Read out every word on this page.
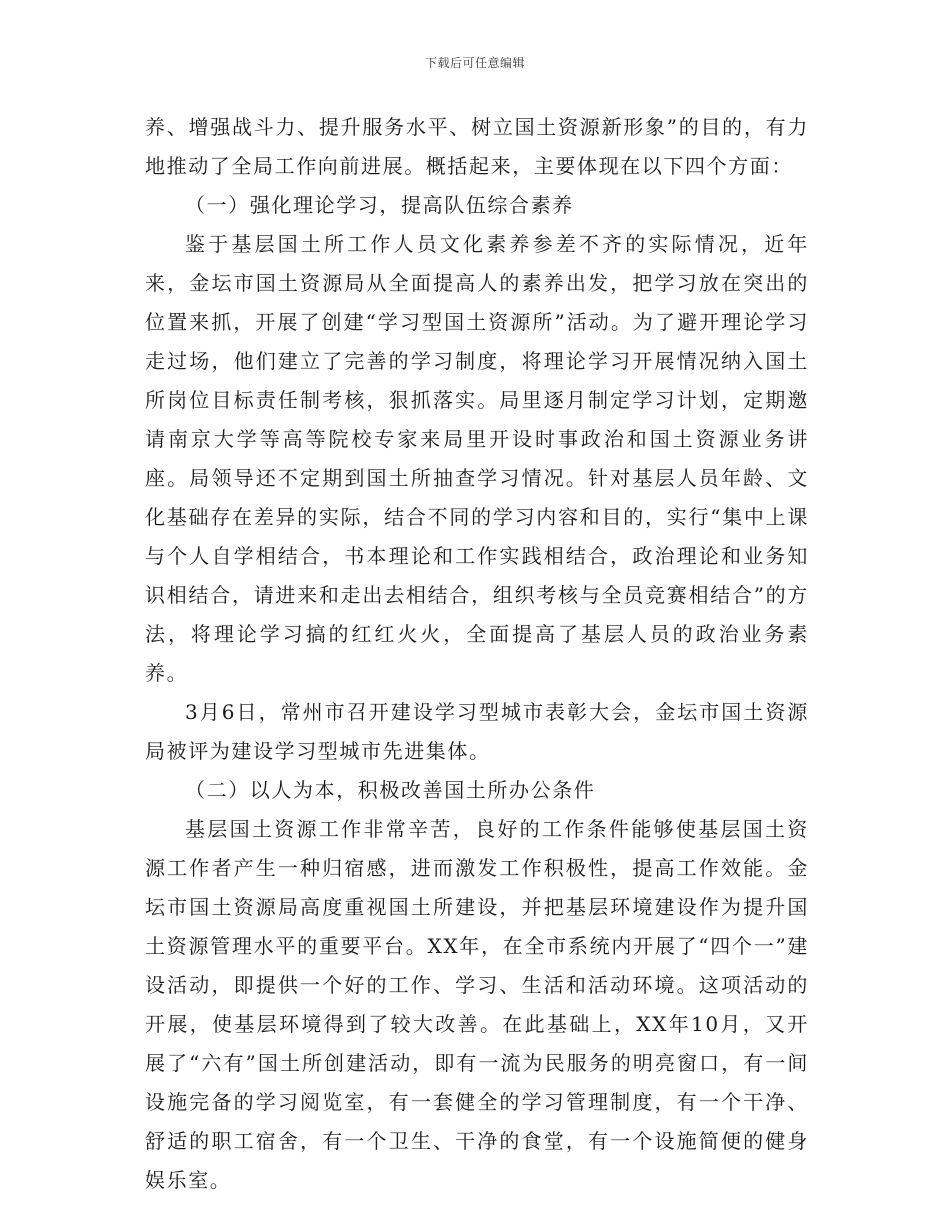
下载后可任意编辑

养、增强战斗力、提升服务水平、树立国土资源新形象”的目的，有力地推动了全局工作向前进展。概括起来，主要体现在以下四个方面：

（一）强化理论学习，提高队伍综合素养

鉴于基层国土所工作人员文化素养参差不齐的实际情况，近年来，金坛市国土资源局从全面提高人的素养出发，把学习放在突出的位置来抓，开展了创建“学习型国土资源所”活动。为了避开理论学习走过场，他们建立了完善的学习制度，将理论学习开展情况纳入国土所岗位目标责任制考核，狠抓落实。局里逐月制定学习计划，定期邀请南京大学等高等院校专家来局里开设时事政治和国土资源业务讲座。局领导还不定期到国土所抽查学习情况。针对基层人员年龄、文化基础存在差异的实际，结合不同的学习内容和目的，实行“集中上课与个人自学相结合，书本理论和工作实践相结合，政治理论和业务知识相结合，请进来和走出去相结合，组织考核与全员竞赛相结合”的方法，将理论学习搞的红红火火，全面提高了基层人员的政治业务素养。

3月6日，常州市召开建设学习型城市表彰大会，金坛市国土资源局被评为建设学习型城市先进集体。

（二）以人为本，积极改善国土所办公条件

基层国土资源工作非常辛苦，良好的工作条件能够使基层国土资源工作者产生一种归宿感，进而激发工作积极性，提高工作效能。金坛市国土资源局高度重视国土所建设，并把基层环境建设作为提升国土资源管理水平的重要平台。XX年，在全市系统内开展了“四个一”建设活动，即提供一个好的工作、学习、生活和活动环境。这项活动的开展，使基层环境得到了较大改善。在此基础上，XX年10月，又开展了“六有”国土所创建活动，即有一流为民服务的明亮窗口，有一间设施完备的学习阅览室，有一套健全的学习管理制度，有一个干净、舒适的职工宿舍，有一个卫生、干净的食堂，有一个设施简便的健身娱乐室。
